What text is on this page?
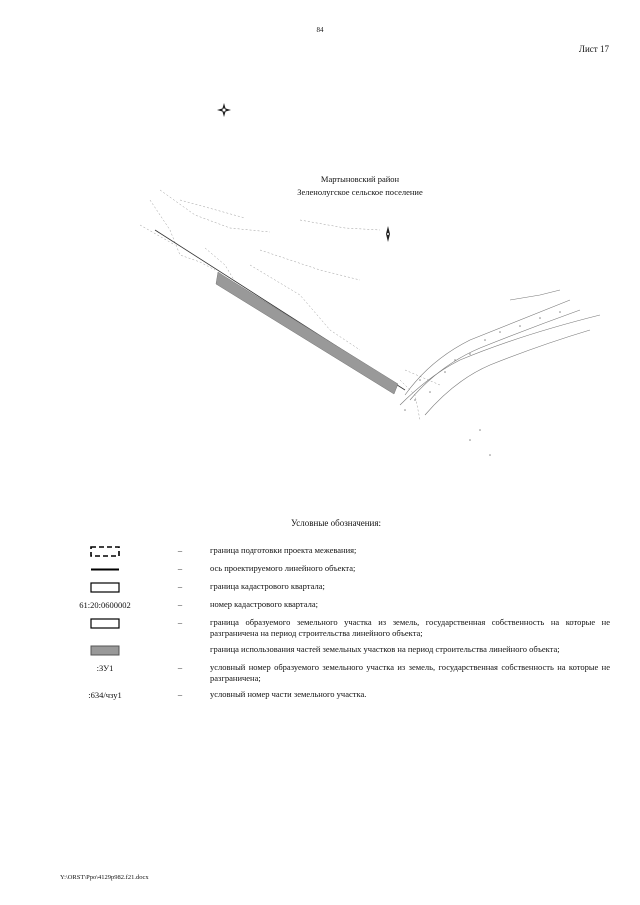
84
Лист 17
Мартыновский район
Зеленолугское сельское поселение
Условные обозначения:
–	граница подготовки проекта межевания;
–	ось проектируемого линейного объекта;
–	граница кадастрового квартала;
61:20:0600002	–	номер кадастрового квартала;
–	граница образуемого земельного участка из земель, государственная собственность на которые не разграничена на период строительства линейного объекта;
граница использования частей земельных участков на период строительства линейного объекта;
:ЗУ1	–	условный номер образуемого земельного участка из земель, государственная собственность на которые не разграничена;
:634/чзу1	–	условный номер части земельного участка.
Y:\ORST\Ppo\4129p982.f21.docx
